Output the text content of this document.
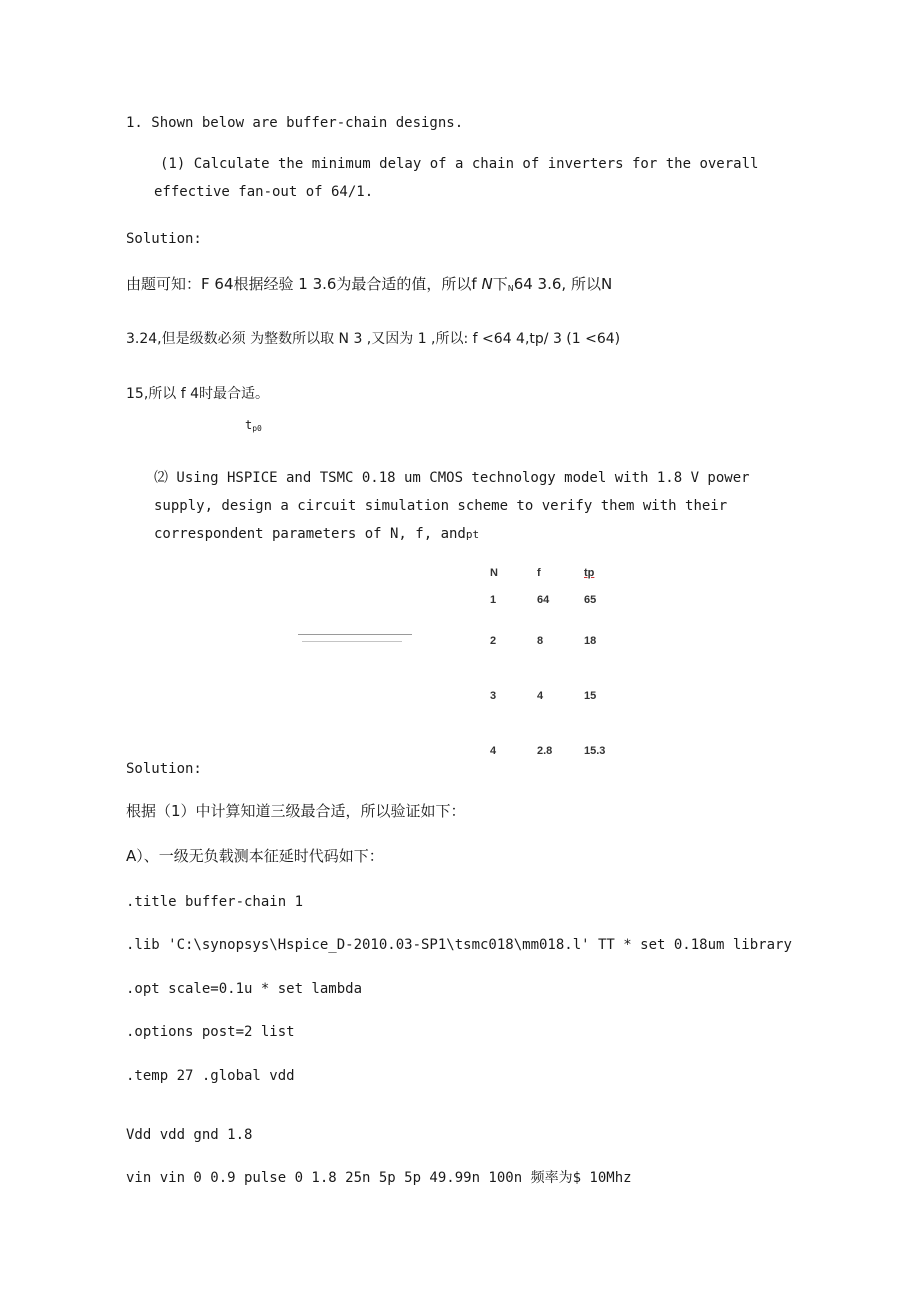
1. Shown below are buffer-chain designs.
(1) Calculate the minimum delay of a chain of inverters for the overall
effective fan-out of 64/1.
Solution:
由题可知：F 64根据经验 1 3.6为最合适的值，所以f N下$_N$64 3.6, 所以N
3.24,但是级数必须 为整数所以取 N 3 ,又因为 1 ,所以: f <64 4,tp/ 3 (1 <64)
15,所以 f 4时最合适。
$t_{p0}$
⑵ Using HSPICE and TSMC 0.18 um CMOS technology model with 1.8 V power
supply, design a circuit simulation scheme to verify them with their
correspondent parameters of N, f, andpt
N	f	tp
1	64	65
2	8	18
3	4	15
4	2.8	15.3
Solution:
根据（1）中计算知道三级最合适，所以验证如下：
A）、一级无负载测本征延时代码如下：
.title buffer-chain 1
.lib 'C:\synopsys\Hspice_D-2010.03-SP1\tsmc018\mm018.l' TT * set 0.18um library
.opt scale=0.1u * set lambda
.options post=2 list
.temp 27 .global vdd
Vdd vdd gnd 1.8
vin vin 0 0.9 pulse 0 1.8 25n 5p 5p 49.99n 100n 频率为$ 10Mhz
